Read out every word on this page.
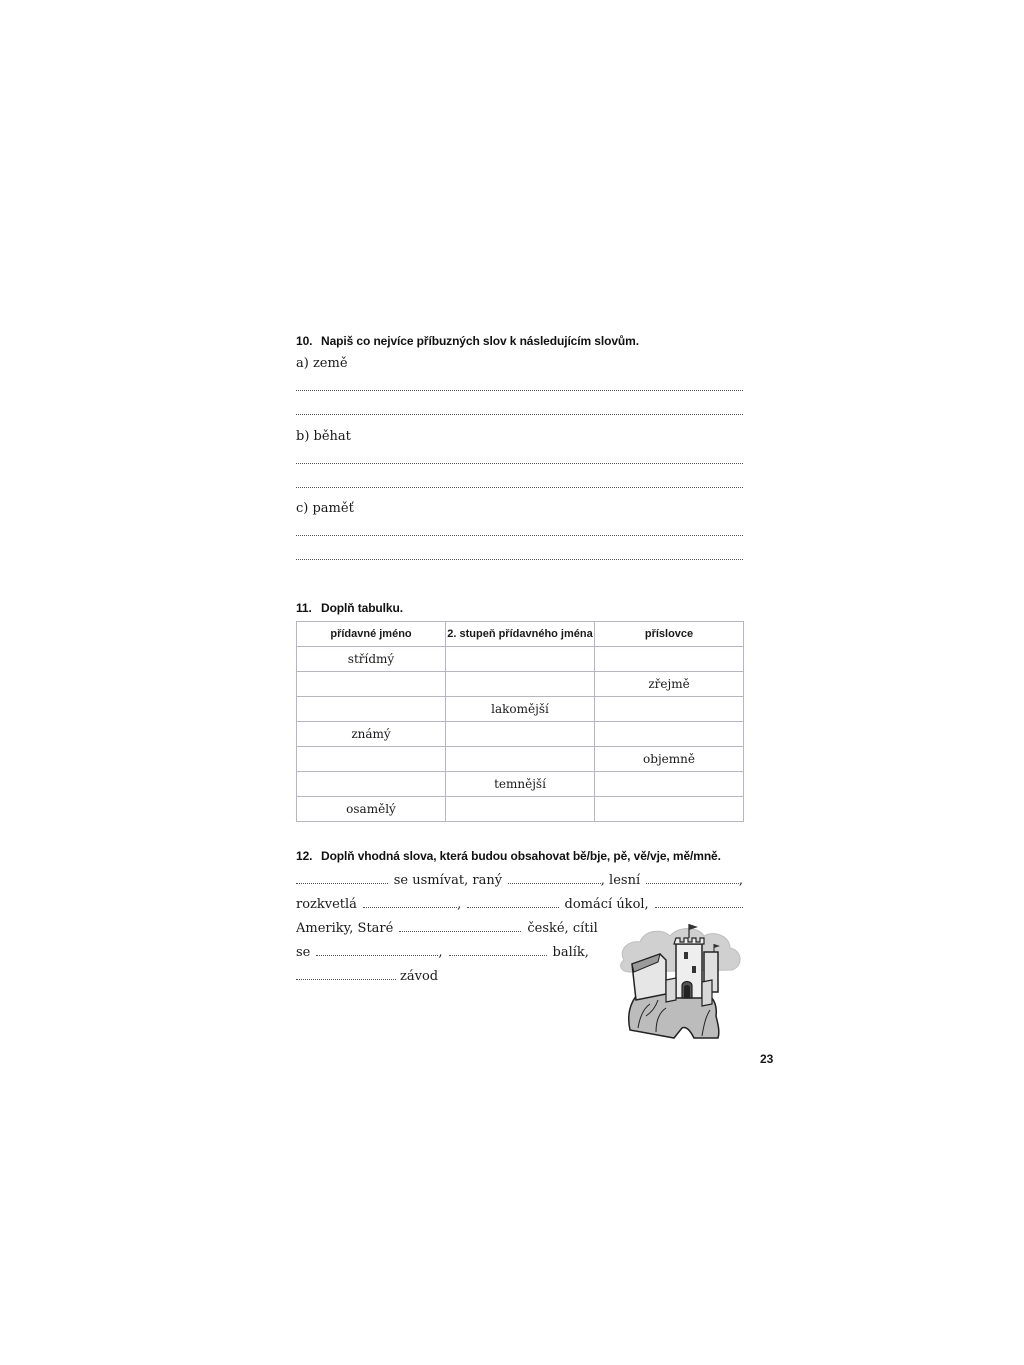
10. Napiš co nejvíce příbuzných slov k následujícím slovům.
a) země
b) běhat
c) paměť
11. Doplň tabulku.
přídavné jméno	2. stupeň přídavného jména	příslovce
střídmý		
		zřejmě
	lakomější	
známý		
		objemně
	temnější	
osamělý		
12. Doplň vhodná slova, která budou obsahovat bě/bje, pě, vě/vje, mě/mně.
se usmívat, raný	, lesní	,
rozkvetlá	,	domácí úkol,
Ameriky, Staré	české, cítil
se	,	balík,
závod
23
